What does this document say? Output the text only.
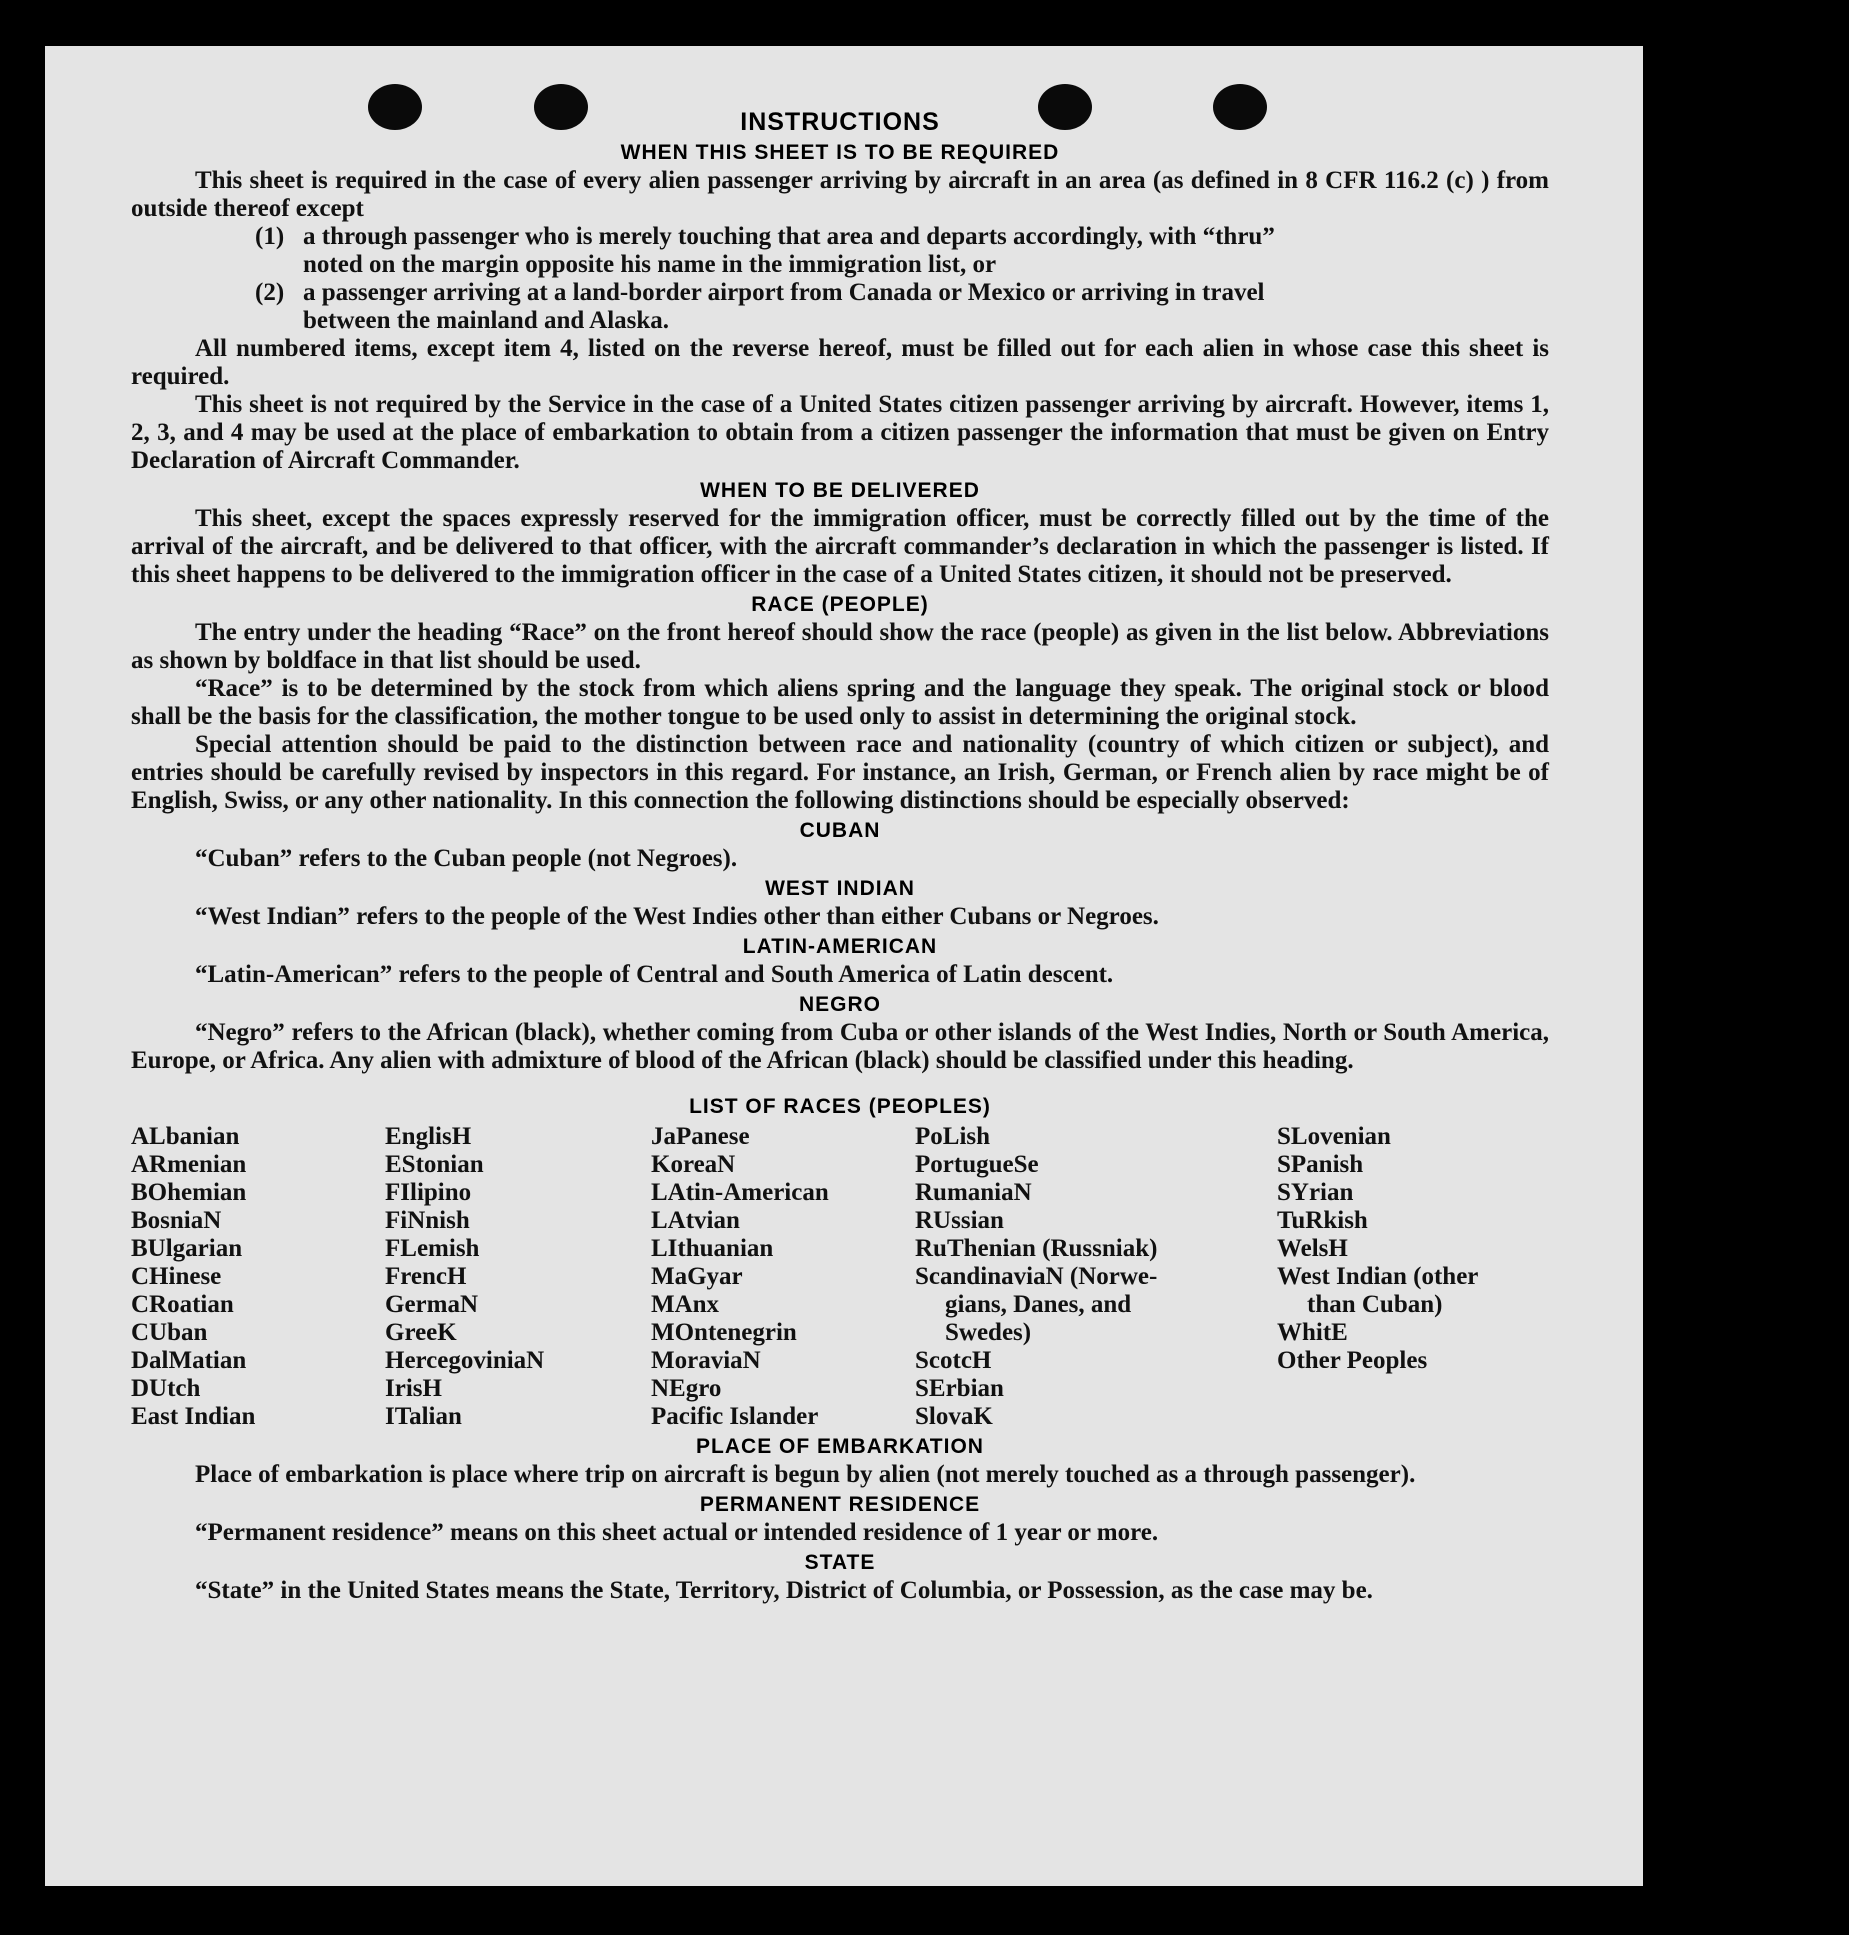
INSTRUCTIONS
WHEN THIS SHEET IS TO BE REQUIRED

This sheet is required in the case of every alien passenger arriving by aircraft in an area (as defined in 8 CFR 116.2 (c) ) from outside thereof except

(1) a through passenger who is merely touching that area and departs accordingly, with “thru”
noted on the margin opposite his name in the immigration list, or
(2) a passenger arriving at a land-border airport from Canada or Mexico or arriving in travel
between the mainland and Alaska.

All numbered items, except item 4, listed on the reverse hereof, must be filled out for each alien in whose case this sheet is required.

This sheet is not required by the Service in the case of a United States citizen passenger arriving by aircraft. However, items 1, 2, 3, and 4 may be used at the place of embarkation to obtain from a citizen passenger the information that must be given on Entry Declaration of Aircraft Commander.

WHEN TO BE DELIVERED

This sheet, except the spaces expressly reserved for the immigration officer, must be correctly filled out by the time of the arrival of the aircraft, and be delivered to that officer, with the aircraft commander’s declaration in which the passenger is listed. If this sheet happens to be delivered to the immigration officer in the case of a United States citizen, it should not be preserved.

RACE (PEOPLE)

The entry under the heading “Race” on the front hereof should show the race (people) as given in the list below. Abbreviations as shown by boldface in that list should be used.

“Race” is to be determined by the stock from which aliens spring and the language they speak. The original stock or blood shall be the basis for the classification, the mother tongue to be used only to assist in determining the original stock.

Special attention should be paid to the distinction between race and nationality (country of which citizen or subject), and entries should be carefully revised by inspectors in this regard. For instance, an Irish, German, or French alien by race might be of English, Swiss, or any other nationality. In this connection the following distinctions should be especially observed:

CUBAN

“Cuban” refers to the Cuban people (not Negroes).

WEST INDIAN

“West Indian” refers to the people of the West Indies other than either Cubans or Negroes.

LATIN-AMERICAN

“Latin-American” refers to the people of Central and South America of Latin descent.

NEGRO

“Negro” refers to the African (black), whether coming from Cuba or other islands of the West Indies, North or South America, Europe, or Africa. Any alien with admixture of blood of the African (black) should be classified under this heading.

LIST OF RACES (PEOPLES)
ALbanian
ARmenian
BOhemian
BosniaN
BUlgarian
CHinese
CRoatian
CUban
DalMatian
DUtch
East Indian
EnglisH
EStonian
FIlipino
FiNnish
FLemish
FrencH
GermaN
GreeK
HercegoviniaN
IrisH
ITalian
JaPanese
KoreaN
LAtin-American
LAtvian
LIthuanian
MaGyar
MAnx
MOntenegrin
MoraviaN
NEgro
Pacific Islander
PoLish
PortugueSe
RumaniaN
RUssian
RuThenian (Russniak)
ScandinaviaN (Norwe-
gians, Danes, and
Swedes)
ScotcH
SErbian
SlovaK
SLovenian
SPanish
SYrian
TuRkish
WelsH
West Indian (other
than Cuban)
WhitE
Other Peoples
PLACE OF EMBARKATION

Place of embarkation is place where trip on aircraft is begun by alien (not merely touched as a through passenger).

PERMANENT RESIDENCE

“Permanent residence” means on this sheet actual or intended residence of 1 year or more.

STATE

“State” in the United States means the State, Territory, District of Columbia, or Possession, as the case may be.
